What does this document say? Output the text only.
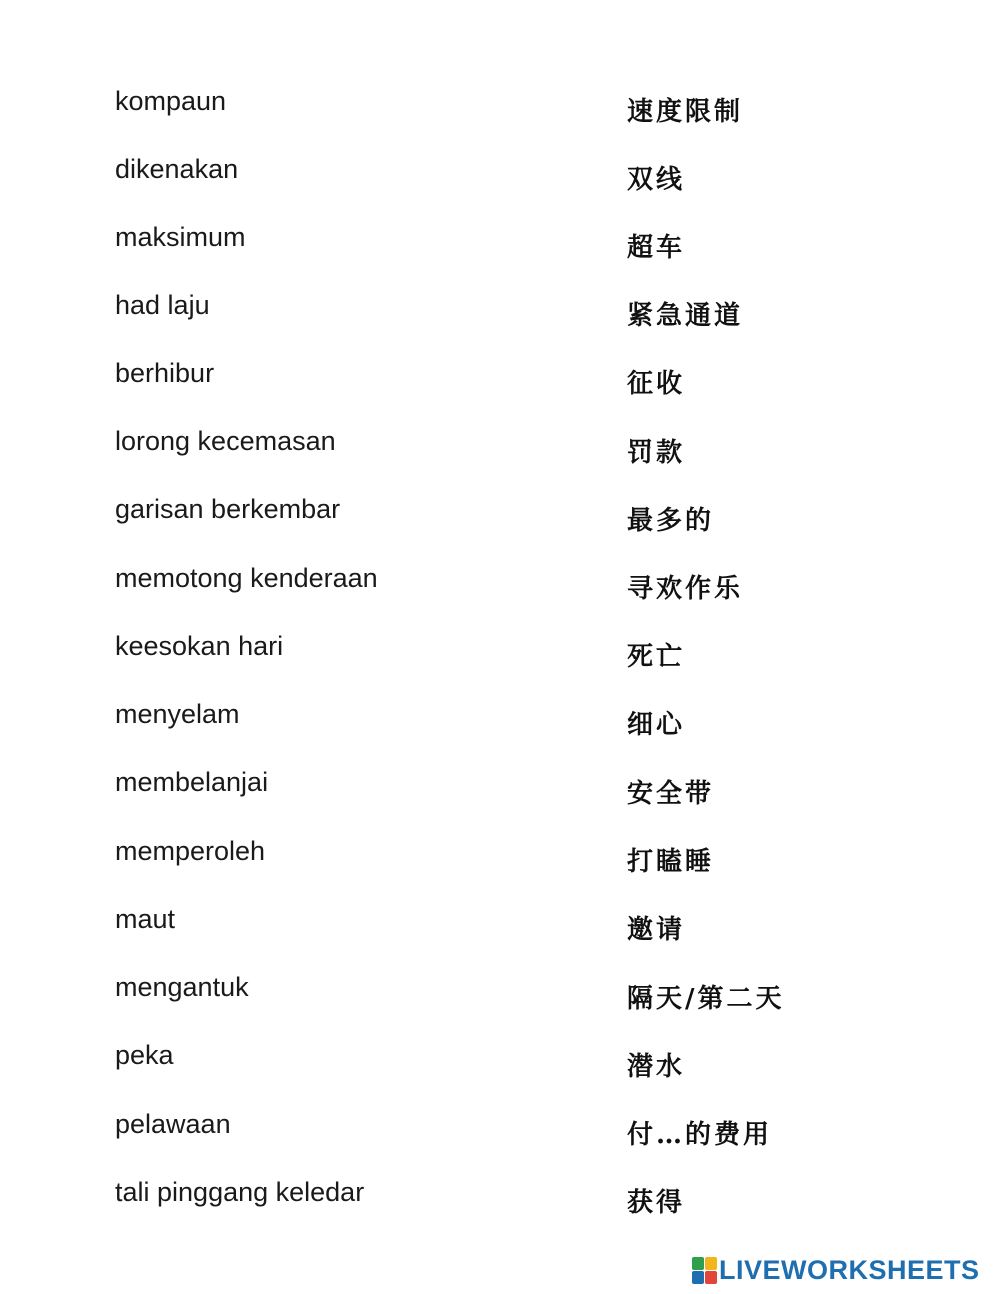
kompaun
dikenakan
maksimum
had laju
berhibur
lorong kecemasan
garisan berkembar
memotong kenderaan
keesokan hari
menyelam
membelanjai
memperoleh
maut
mengantuk
peka
pelawaan
tali pinggang keledar
速度限制
双线
超车
紧急通道
征收
罚款
最多的
寻欢作乐
死亡
细心
安全带
打瞌睡
邀请
隔天/第二天
潜水
付…的费用
获得
LIVEWORKSHEETS
